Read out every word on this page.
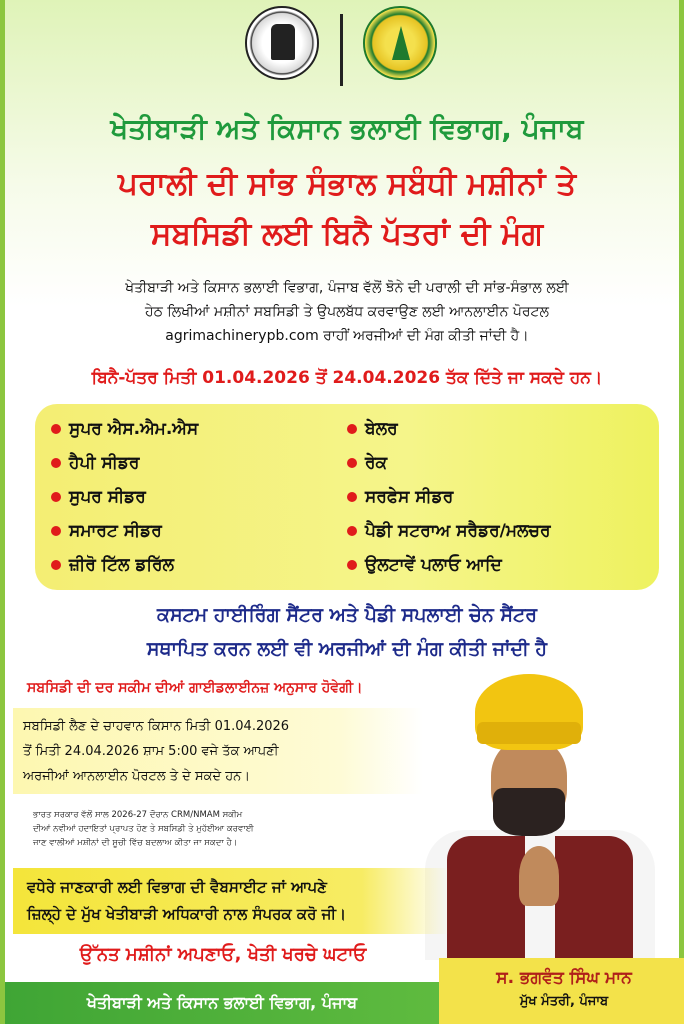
ਖੇਤੀਬਾੜੀ ਅਤੇ ਕਿਸਾਨ ਭਲਾਈ ਵਿਭਾਗ, ਪੰਜਾਬ
ਪਰਾਲੀ ਦੀ ਸਾਂਭ ਸੰਭਾਲ ਸਬੰਧੀ ਮਸ਼ੀਨਾਂ ਤੇ
ਸਬਸਿਡੀ ਲਈ ਬਿਨੈ ਪੱਤਰਾਂ ਦੀ ਮੰਗ
ਖੇਤੀਬਾੜੀ ਅਤੇ ਕਿਸਾਨ ਭਲਾਈ ਵਿਭਾਗ, ਪੰਜਾਬ ਵੱਲੋਂ ਝੋਨੇ ਦੀ ਪਰਾਲੀ ਦੀ ਸਾਂਭ-ਸੰਭਾਲ ਲਈ
ਹੇਠ ਲਿਖੀਆਂ ਮਸ਼ੀਨਾਂ ਸਬਸਿਡੀ ਤੇ ਉਪਲਬੱਧ ਕਰਵਾਉਣ ਲਈ ਆਨਲਾਈਨ ਪੋਰਟਲ
agrimachinerypb.com ਰਾਹੀਂ ਅਰਜੀਆਂ ਦੀ ਮੰਗ ਕੀਤੀ ਜਾਂਦੀ ਹੈ।
ਬਿਨੈ-ਪੱਤਰ ਮਿਤੀ 01.04.2026 ਤੋਂ 24.04.2026 ਤੱਕ ਦਿੱਤੇ ਜਾ ਸਕਦੇ ਹਨ।
ਸੁਪਰ ਐਸ.ਐਮ.ਐਸ
ਹੈਪੀ ਸੀਡਰ
ਸੁਪਰ ਸੀਡਰ
ਸਮਾਰਟ ਸੀਡਰ
ਜ਼ੀਰੋ ਟਿੱਲ ਡਰਿੱਲ
ਬੇਲਰ
ਰੇਕ
ਸਰਫੇਸ ਸੀਡਰ
ਪੈਡੀ ਸਟਰਾਅ ਸਰੈਡਰ/ਮਲਚਰ
ਉਲਟਾਵੇਂ ਪਲਾਓ ਆਦਿ
ਕਸਟਮ ਹਾਈਰਿੰਗ ਸੈਂਟਰ ਅਤੇ ਪੈਡੀ ਸਪਲਾਈ ਚੇਨ ਸੈਂਟਰ
ਸਥਾਪਿਤ ਕਰਨ ਲਈ ਵੀ ਅਰਜੀਆਂ ਦੀ ਮੰਗ ਕੀਤੀ ਜਾਂਦੀ ਹੈ
ਸਬਸਿਡੀ ਦੀ ਦਰ ਸਕੀਮ ਦੀਆਂ ਗਾਈਡਲਾਈਨਜ਼ ਅਨੁਸਾਰ ਹੋਵੇਗੀ।
ਸਬਸਿਡੀ ਲੈਣ ਦੇ ਚਾਹਵਾਨ ਕਿਸਾਨ ਮਿਤੀ 01.04.2026
ਤੋਂ ਮਿਤੀ 24.04.2026 ਸ਼ਾਮ 5:00 ਵਜੇ ਤੱਕ ਆਪਣੀ
ਅਰਜੀਆਂ ਆਨਲਾਈਨ ਪੋਰਟਲ ਤੇ ਦੇ ਸਕਦੇ ਹਨ।
ਭਾਰਤ ਸਰਕਾਰ ਵੱਲੋਂ ਸਾਲ 2026-27 ਦੌਰਾਨ CRM/NMAM ਸਕੀਮ
ਦੀਆਂ ਨਵੀਆਂ ਹਦਾਇਤਾਂ ਪ੍ਰਾਪਤ ਹੋਣ ਤੇ ਸਬਸਿਡੀ ਤੇ ਮੁਹੱਈਆ ਕਰਵਾਈ
ਜਾਣ ਵਾਲੀਆਂ ਮਸ਼ੀਨਾਂ ਦੀ ਸੂਚੀ ਵਿੱਚ ਬਦਲਾਅ ਕੀਤਾ ਜਾ ਸਕਦਾ ਹੈ।
ਵਧੇਰੇ ਜਾਣਕਾਰੀ ਲਈ ਵਿਭਾਗ ਦੀ ਵੈਬਸਾਈਟ ਜਾਂ ਆਪਣੇ
ਜ਼ਿਲ੍ਹੇ ਦੇ ਮੁੱਖ ਖੇਤੀਬਾੜੀ ਅਧਿਕਾਰੀ ਨਾਲ ਸੰਪਰਕ ਕਰੋ ਜੀ।
ਉੱਨਤ ਮਸ਼ੀਨਾਂ ਅਪਣਾਓ, ਖੇਤੀ ਖਰਚੇ ਘਟਾਓ
ਖੇਤੀਬਾੜੀ ਅਤੇ ਕਿਸਾਨ ਭਲਾਈ ਵਿਭਾਗ, ਪੰਜਾਬ
ਸ. ਭਗਵੰਤ ਸਿੰਘ ਮਾਨ
ਮੁੱਖ ਮੰਤਰੀ, ਪੰਜਾਬ
